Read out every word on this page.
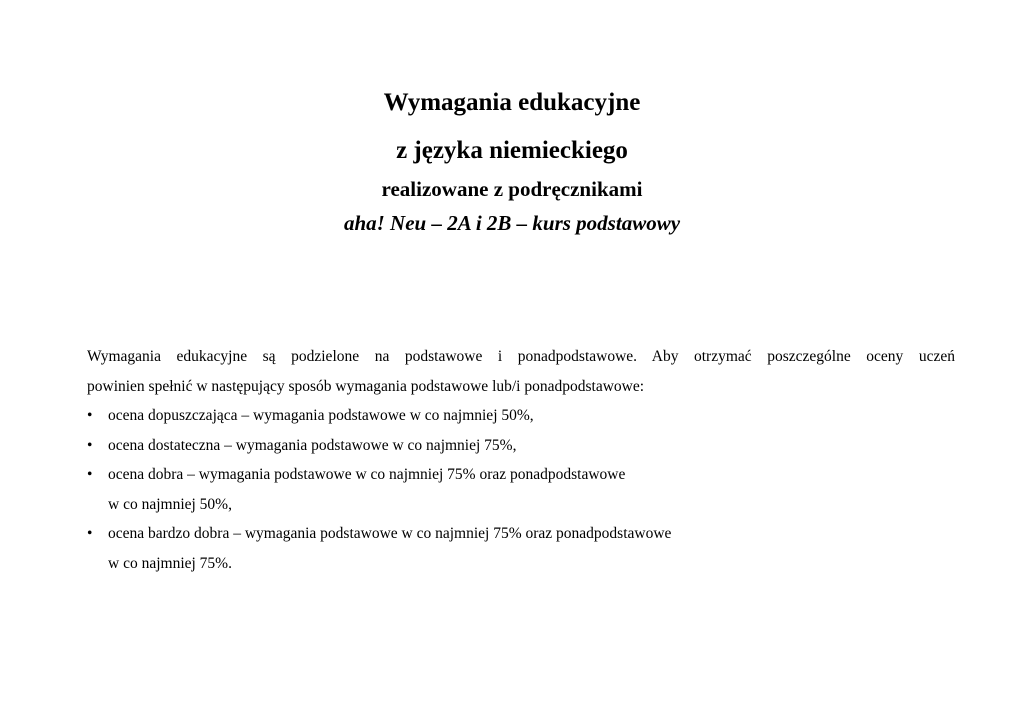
Wymagania edukacyjne

z języka niemieckiego

realizowane z podręcznikami

aha! Neu – 2A i 2B – kurs podstawowy

Wymagania edukacyjne są podzielone na podstawowe i ponadpodstawowe. Aby otrzymać poszczególne oceny uczeń
powinien spełnić w następujący sposób wymagania podstawowe lub/i ponadpodstawowe:

• ocena dopuszczająca – wymagania podstawowe w co najmniej 50%,
• ocena dostateczna – wymagania podstawowe w co najmniej 75%,
• ocena dobra – wymagania podstawowe w co najmniej 75% oraz ponadpodstawowe
w co najmniej 50%,
• ocena bardzo dobra – wymagania podstawowe w co najmniej 75% oraz ponadpodstawowe
w co najmniej 75%.
